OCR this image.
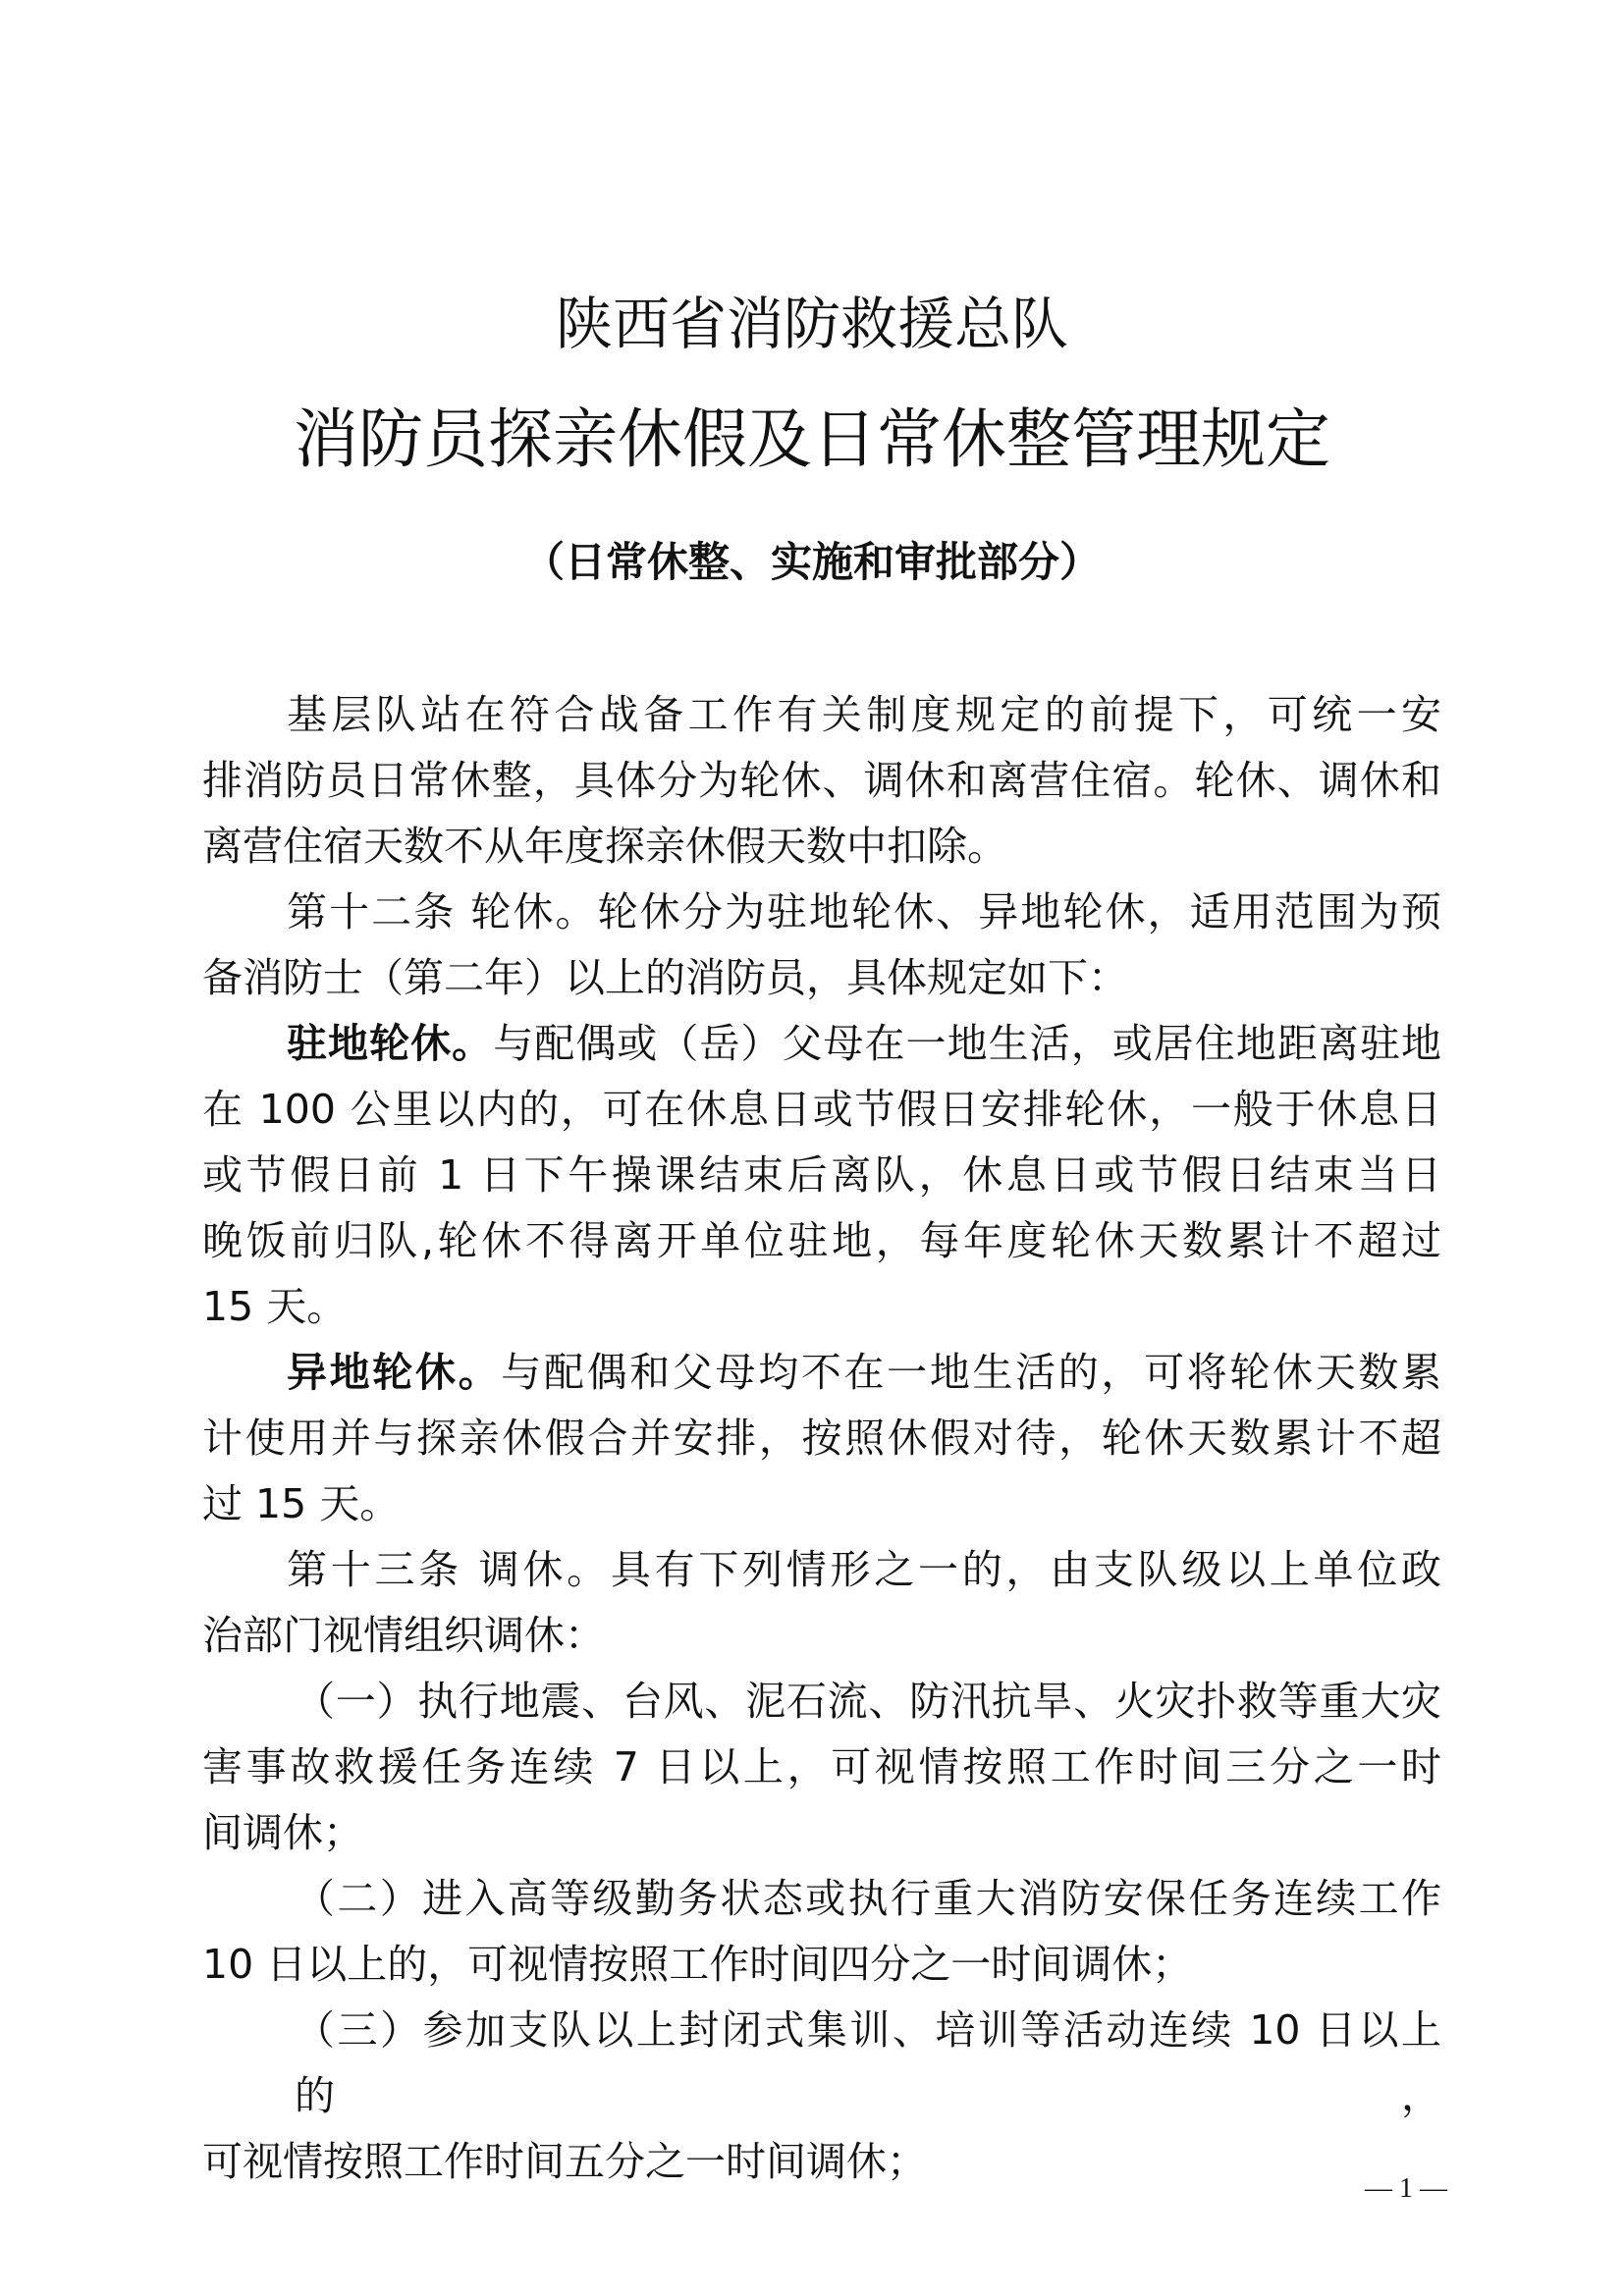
陕西省消防救援总队
消防员探亲休假及日常休整管理规定
（日常休整、实施和审批部分）
基层队站在符合战备工作有关制度规定的前提下，可统一安
排消防员日常休整，具体分为轮休、调休和离营住宿。轮休、调休和
离营住宿天数不从年度探亲休假天数中扣除。
第十二条 轮休。轮休分为驻地轮休、异地轮休，适用范围为预
备消防士（第二年）以上的消防员，具体规定如下：
驻地轮休。与配偶或（岳）父母在一地生活，或居住地距离驻地
在 100 公里以内的，可在休息日或节假日安排轮休，一般于休息日
或节假日前 1 日下午操课结束后离队，休息日或节假日结束当日
晚饭前归队,轮休不得离开单位驻地，每年度轮休天数累计不超过
15 天。
异地轮休。与配偶和父母均不在一地生活的，可将轮休天数累
计使用并与探亲休假合并安排，按照休假对待，轮休天数累计不超
过 15 天。
第十三条 调休。具有下列情形之一的，由支队级以上单位政
治部门视情组织调休：
（一）执行地震、台风、泥石流、防汛抗旱、火灾扑救等重大灾
害事故救援任务连续 7 日以上，可视情按照工作时间三分之一时
间调休；
（二）进入高等级勤务状态或执行重大消防安保任务连续工作
10 日以上的，可视情按照工作时间四分之一时间调休；
（三）参加支队以上封闭式集训、培训等活动连续 10 日以上的，
可视情按照工作时间五分之一时间调休；
— 1 —
